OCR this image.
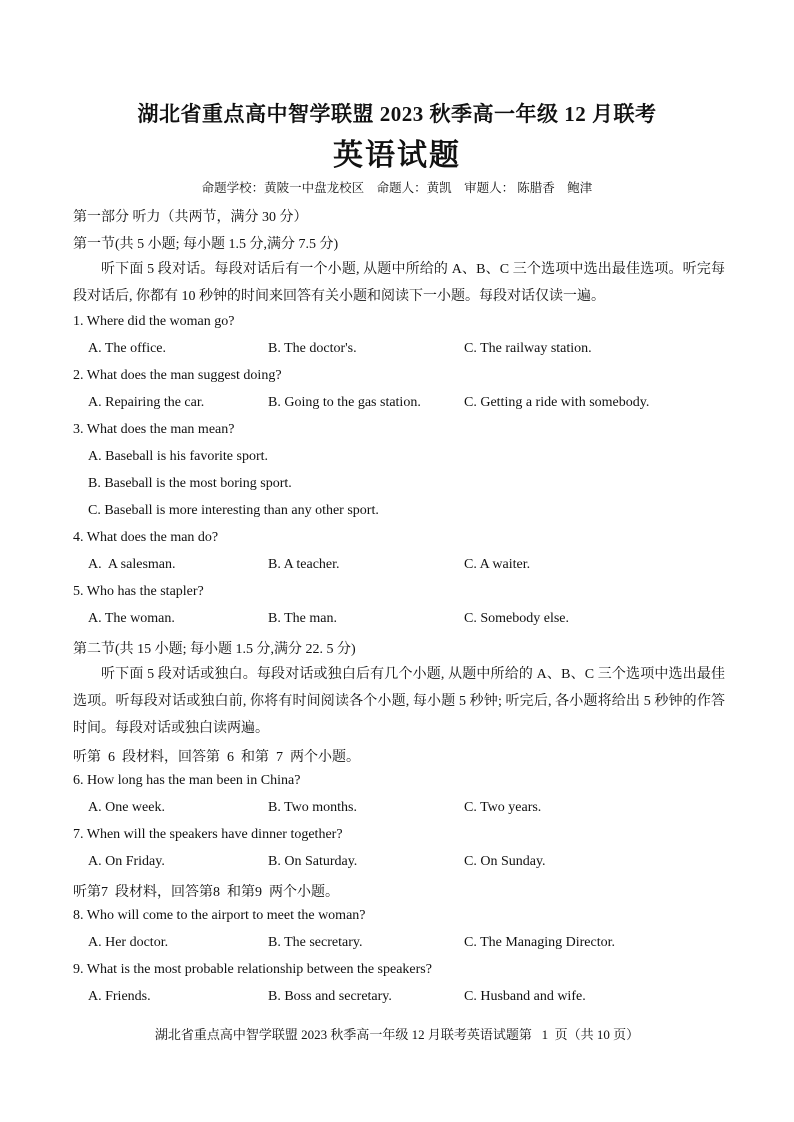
湖北省重点高中智学联盟 2023 秋季高一年级 12 月联考
英语试题
命题学校：黄陂一中盘龙校区    命题人：黄凯    审题人： 陈腊香    鲍津
第一部分 听力（共两节，满分 30 分）
第一节(共 5 小题; 每小题 1.5 分,满分 7.5 分)
听下面 5 段对话。每段对话后有一个小题, 从题中所给的 A、B、C 三个选项中选出最佳选项。听完每段对话后, 你都有 10 秒钟的时间来回答有关小题和阅读下一小题。每段对话仅读一遍。
1. Where did the woman go?
A. The office.	B. The doctor's.	C. The railway station.
2. What does the man suggest doing?
A. Repairing the car.	B. Going to the gas station.	C. Getting a ride with somebody.
3. What does the man mean?
A. Baseball is his favorite sport.
B. Baseball is the most boring sport.
C. Baseball is more interesting than any other sport.
4. What does the man do?
A.  A salesman.	B. A teacher.	C. A waiter.
5. Who has the stapler?
A. The woman.	B. The man.	C. Somebody else.
第二节(共 15 小题; 每小题 1.5 分,满分 22. 5 分)
听下面 5 段对话或独白。每段对话或独白后有几个小题, 从题中所给的 A、B、C 三个选项中选出最佳选项。听每段对话或独白前, 你将有时间阅读各个小题, 每小题 5 秒钟; 听完后, 各小题将给出 5 秒钟的作答时间。每段对话或独白读两遍。
听第  6  段材料，回答第  6  和第  7  两个小题。
6. How long has the man been in China?
A. One week.	B. Two months.	C. Two years.
7. When will the speakers have dinner together?
A. On Friday.	B. On Saturday.	C. On Sunday.
听第7  段材料，回答第8  和第9  两个小题。
8. Who will come to the airport to meet the woman?
A. Her doctor.	B. The secretary.	C. The Managing Director.
9. What is the most probable relationship between the speakers?
A. Friends.	B. Boss and secretary.	C. Husband and wife.
湖北省重点高中智学联盟 2023 秋季高一年级 12 月联考英语试题第   1  页（共 10 页）
